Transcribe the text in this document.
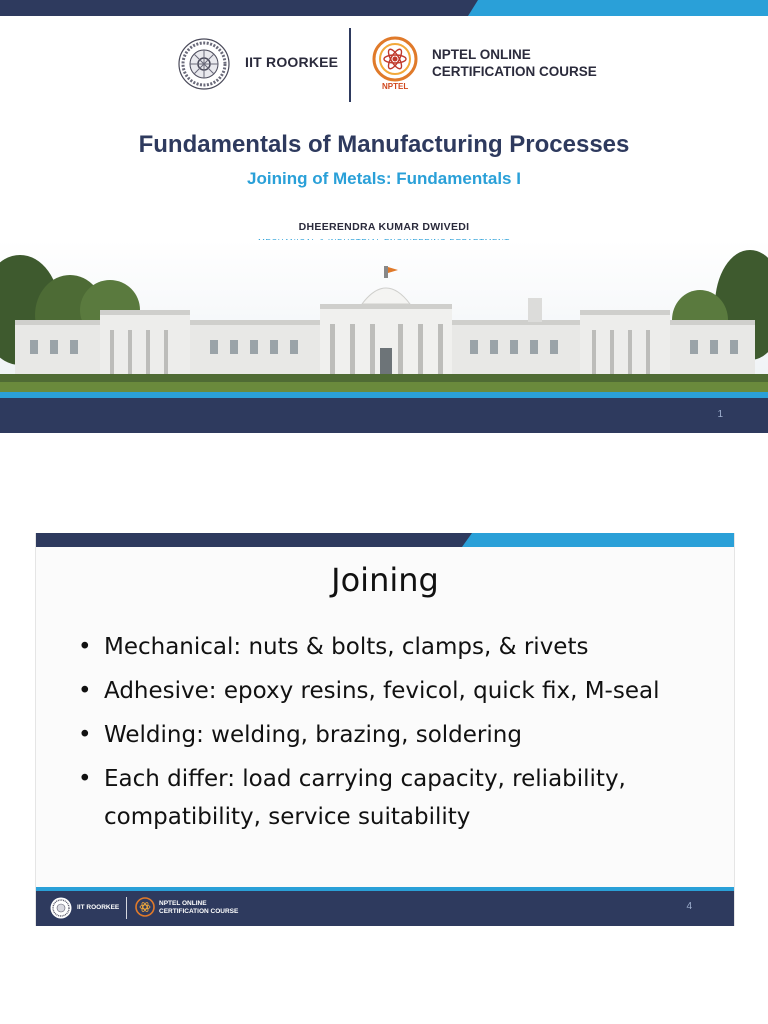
IIT ROORKEE
NPTEL
NPTEL ONLINE
CERTIFICATION COURSE
Fundamentals of Manufacturing Processes
Joining of Metals: Fundamentals I
DHEERENDRA KUMAR DWIVEDI
1
Joining
• Mechanical: nuts & bolts, clamps, & rivets
• Adhesive: epoxy resins, fevicol, quick fix, M-seal
• Welding: welding, brazing, soldering
• Each differ: load carrying capacity, reliability, compatibility, service suitability
IIT ROORKEE
NPTEL ONLINE
CERTIFICATION COURSE	4
